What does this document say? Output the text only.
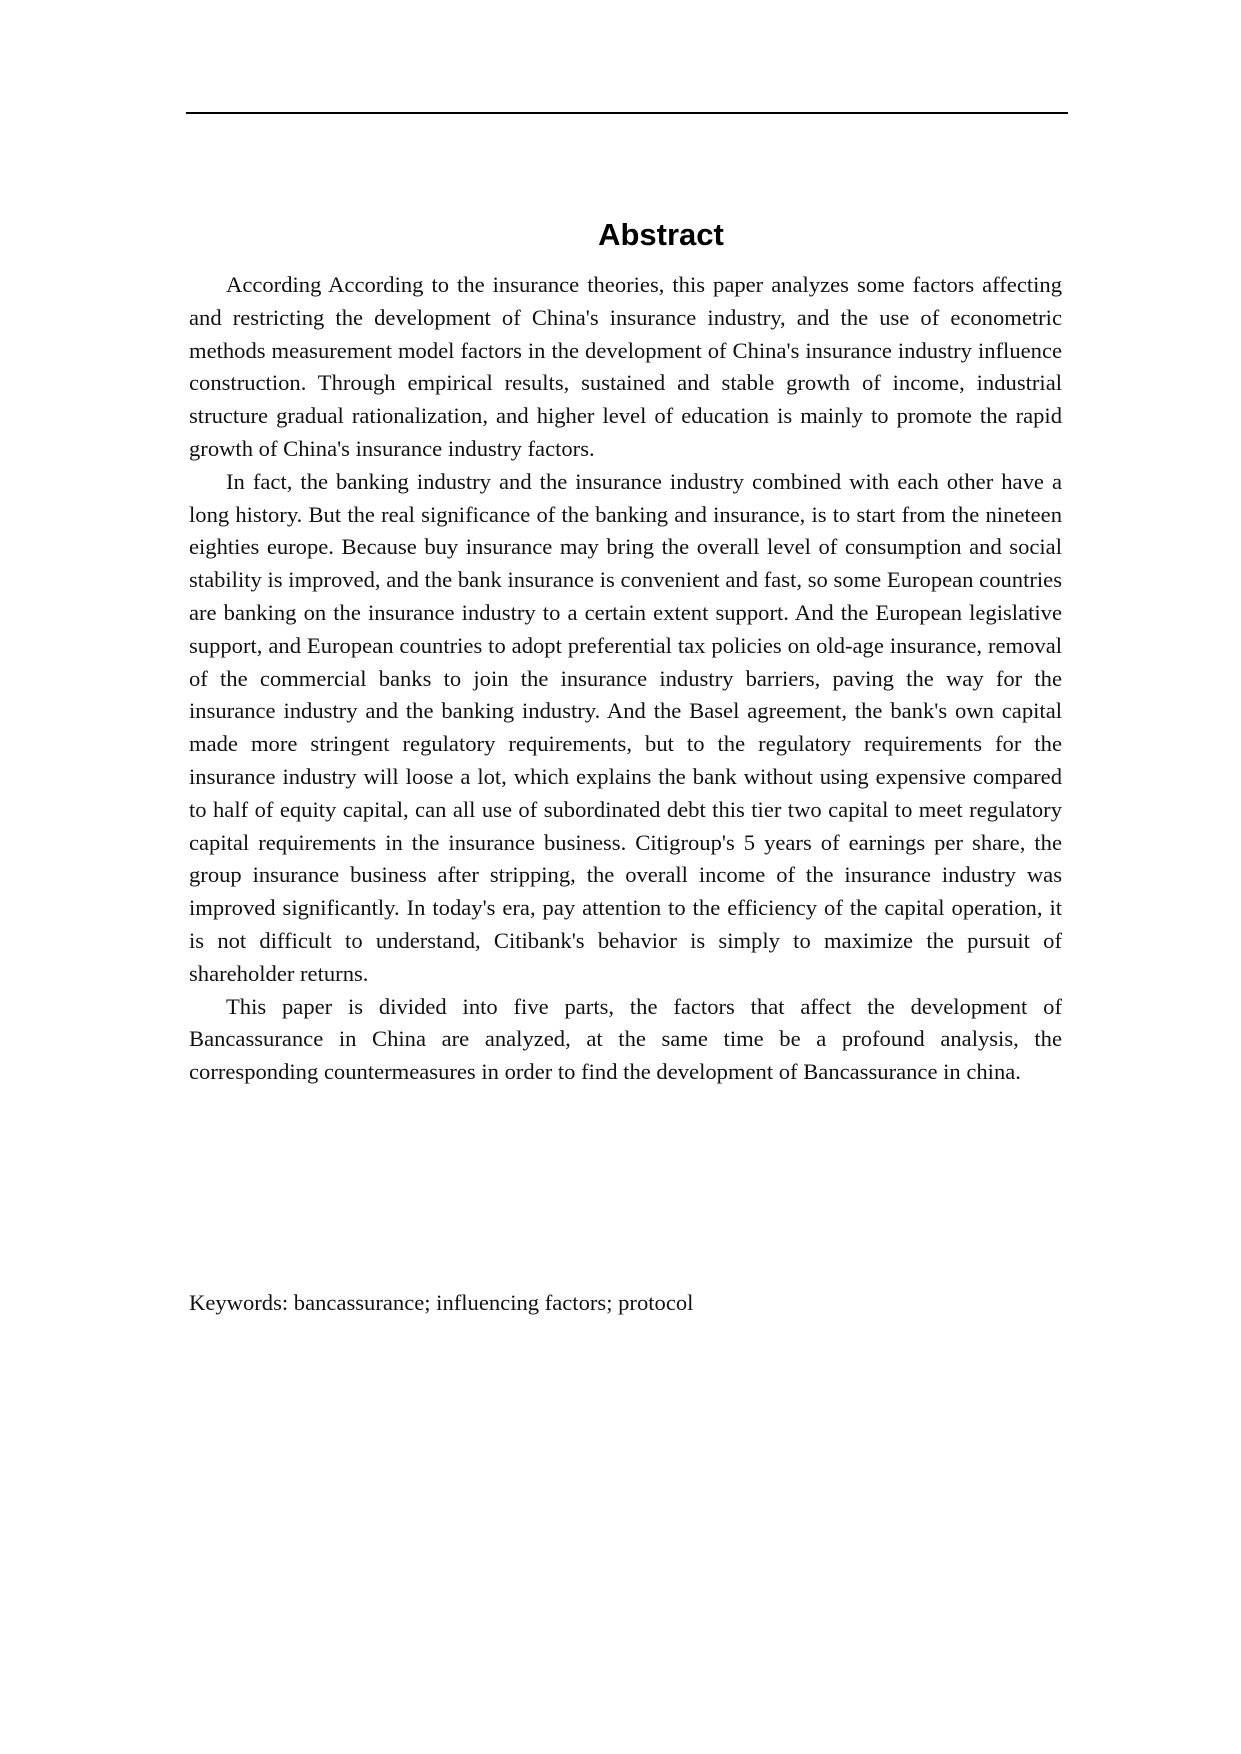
Abstract

According According to the insurance theories, this paper analyzes some factors affecting and restricting the development of China's insurance industry, and the use of econometric methods measurement model factors in the development of China's insurance industry influence construction. Through empirical results, sustained and stable growth of income, industrial structure gradual rationalization, and higher level of education is mainly to promote the rapid growth of China's insurance industry factors.

In fact, the banking industry and the insurance industry combined with each other have a long history. But the real significance of the banking and insurance, is to start from the nineteen eighties europe. Because buy insurance may bring the overall level of consumption and social stability is improved, and the bank insurance is convenient and fast, so some European countries are banking on the insurance industry to a certain extent support. And the European legislative support, and European countries to adopt preferential tax policies on old-age insurance, removal of the commercial banks to join the insurance industry barriers, paving the way for the insurance industry and the banking industry. And the Basel agreement, the bank's own capital made more stringent regulatory requirements, but to the regulatory requirements for the insurance industry will loose a lot, which explains the bank without using expensive compared to half of equity capital, can all use of subordinated debt this tier two capital to meet regulatory capital requirements in the insurance business. Citigroup's 5 years of earnings per share, the group insurance business after stripping, the overall income of the insurance industry was improved significantly. In today's era, pay attention to the efficiency of the capital operation, it is not difficult to understand, Citibank's behavior is simply to maximize the pursuit of shareholder returns.

This paper is divided into five parts, the factors that affect the development of Bancassurance in China are analyzed, at the same time be a profound analysis, the corresponding countermeasures in order to find the development of Bancassurance in china.

Keywords: bancassurance; influencing factors; protocol
